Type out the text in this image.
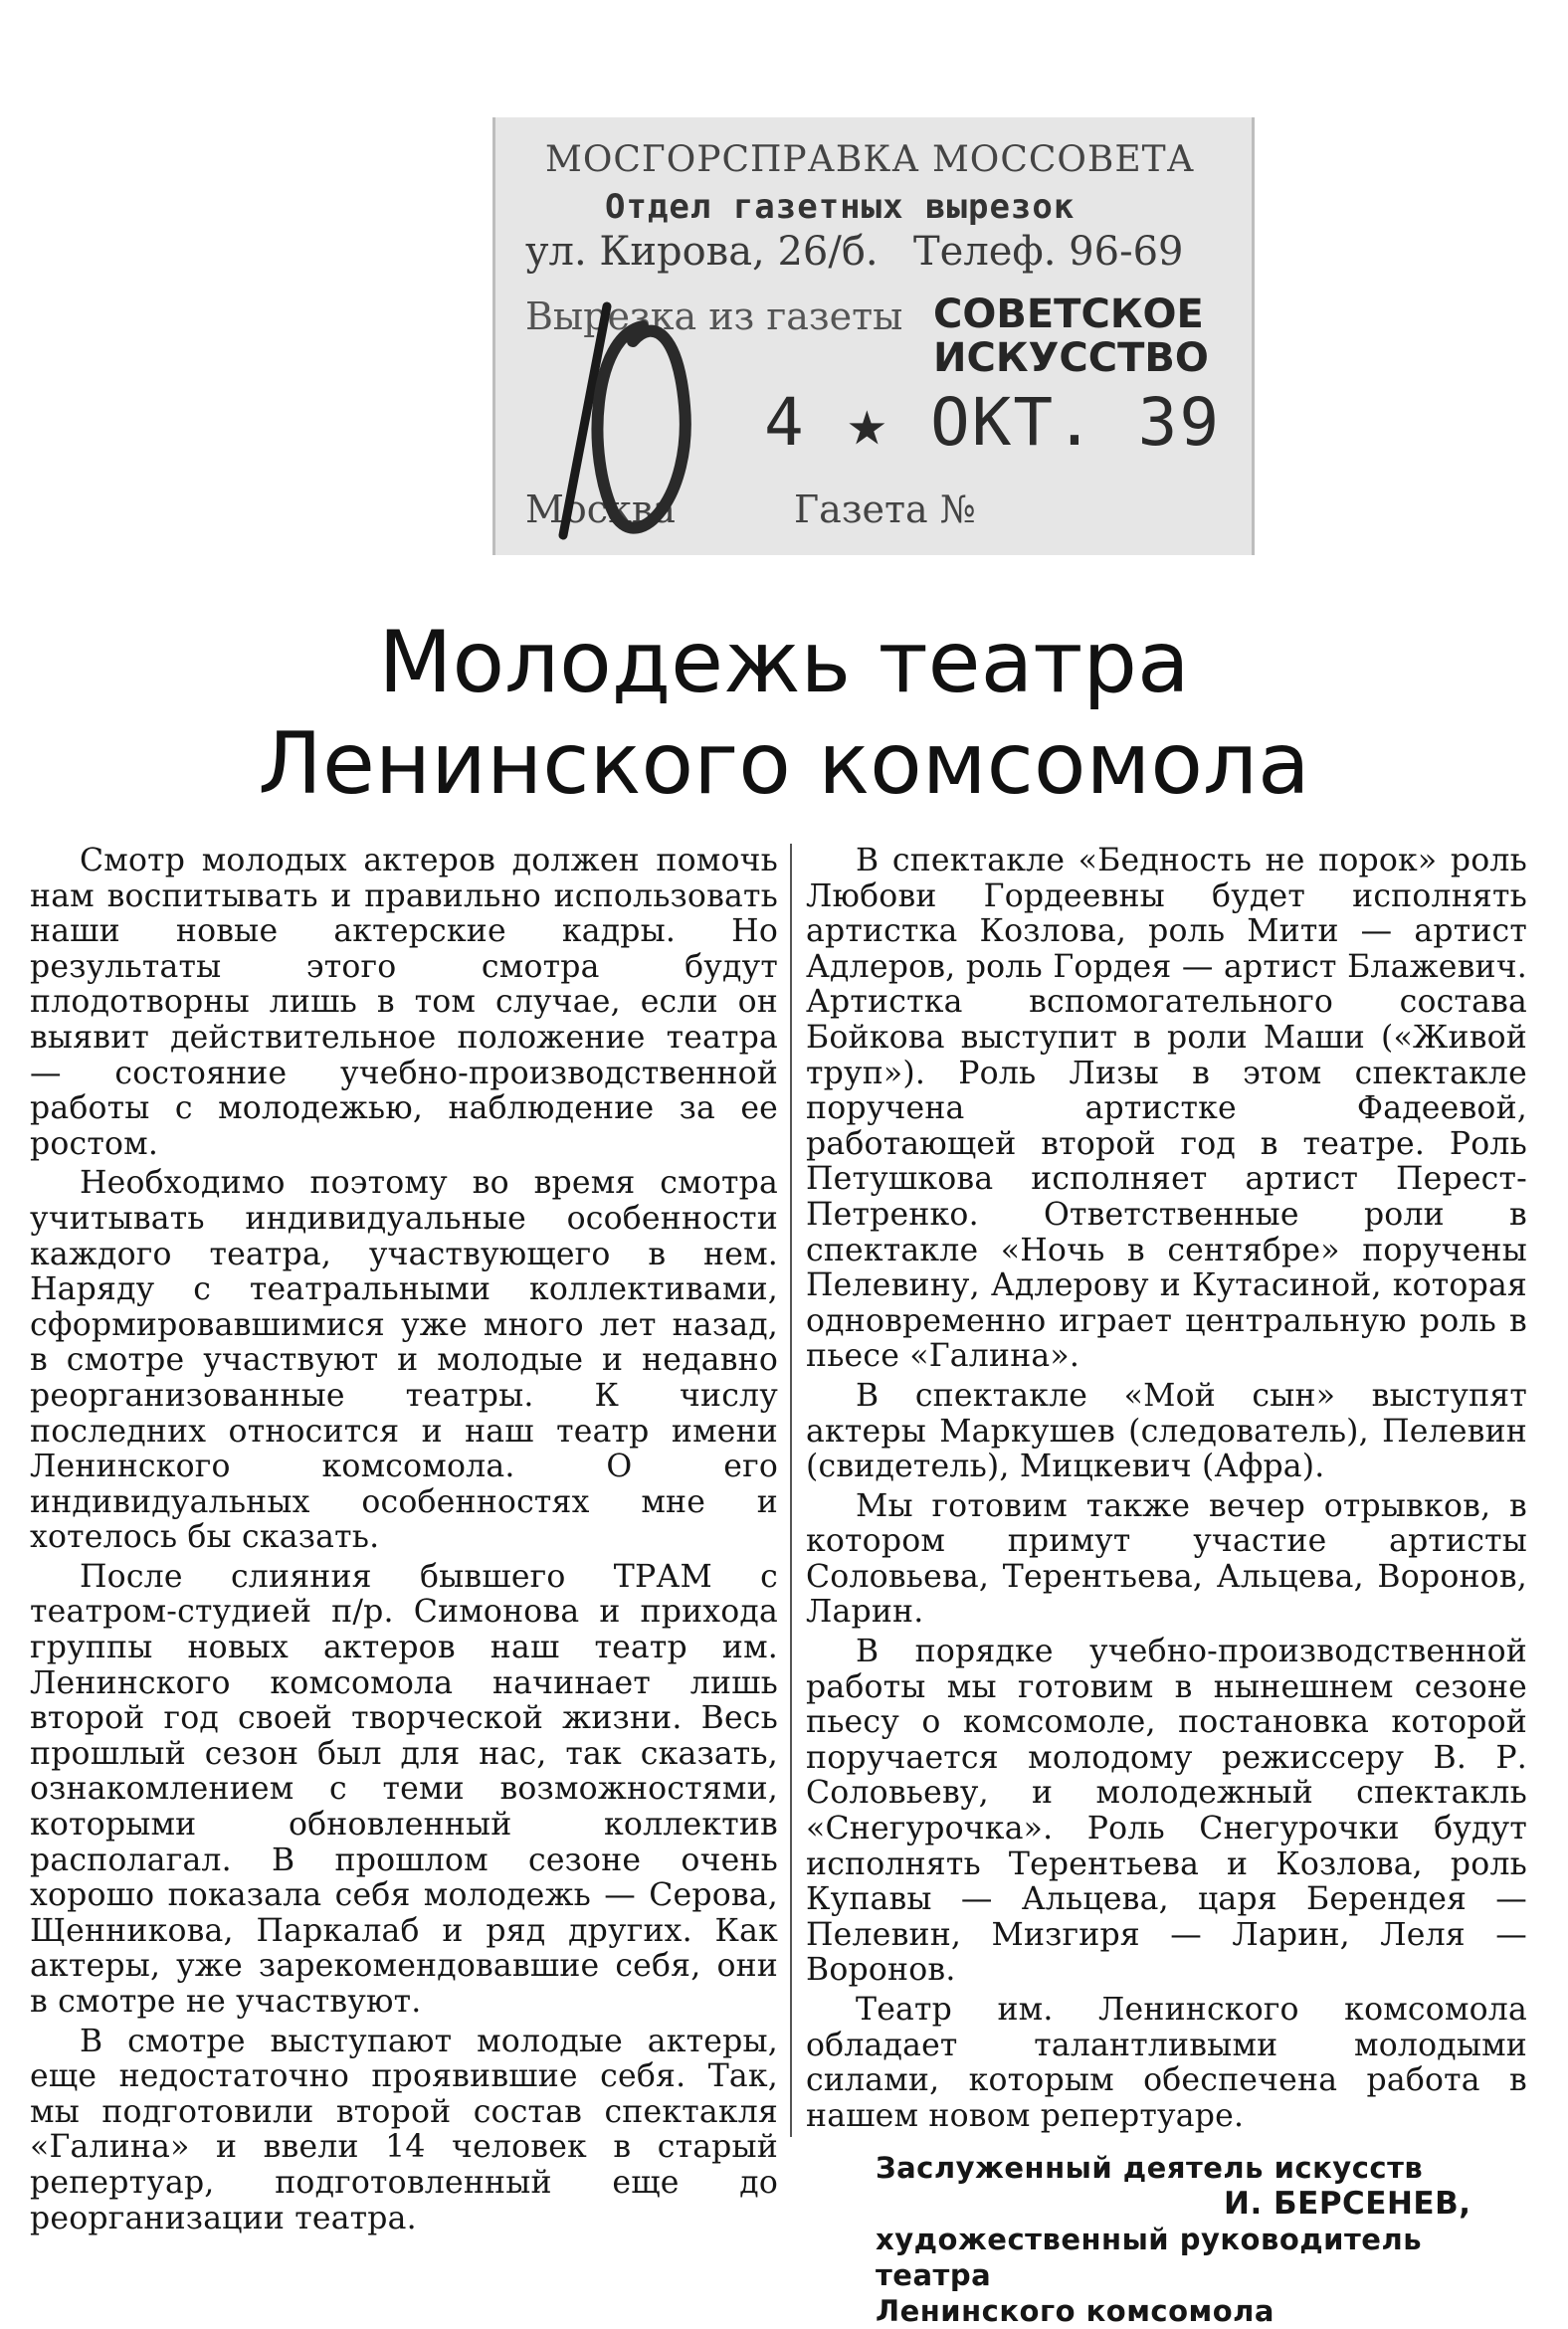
МОСГОРСПРАВКА МОССОВЕТА
Отдел газетных вырезок
ул. Кирова, 26/б. Телеф. 96-69
Вырезка из газеты СОВЕТСКОЕ
ИСКУССТВО
4 ★ ОКТ. 39
Москва	Газета №
Молодежь театра
Ленинского комсомола

Смотр молодых актеров должен помочь нам воспитывать и правильно использовать наши новые актерские кадры. Но результаты этого смотра будут плодотворны лишь в том случае, если он выявит действительное положение театра — состояние учебно-производственной работы с молодежью, наблюдение за ее ростом.

Необходимо поэтому во время смотра учитывать индивидуальные особенности каждого театра, участвующего в нем. Наряду с театральными коллективами, сформировавшимися уже много лет назад, в смотре участвуют и молодые и недавно реорганизованные театры. К числу последних относится и наш театр имени Ленинского комсомола. О его индивидуальных особенностях мне и хотелось бы сказать.

После слияния бывшего ТРАМ с театром-студией п/р. Симонова и прихода группы новых актеров наш театр им. Ленинского комсомола начинает лишь второй год своей творческой жизни. Весь прошлый сезон был для нас, так сказать, ознакомлением с теми возможностями, которыми обновленный коллектив располагал. В прошлом сезоне очень хорошо показала себя молодежь — Серова, Щенникова, Паркалаб и ряд других. Как актеры, уже зарекомендовавшие себя, они в смотре не участвуют.

В смотре выступают молодые актеры, еще недостаточно проявившие себя. Так, мы подготовили второй состав спектакля «Галина» и ввели 14 человек в старый репертуар, подготовленный еще до реорганизации театра.

В спектакле «Бедность не порок» роль Любови Гордеевны будет исполнять артистка Козлова, роль Мити — артист Адлеров, роль Гордея — артист Блажевич. Артистка вспомогательного состава Бойкова выступит в роли Маши («Живой труп»). Роль Лизы в этом спектакле поручена артистке Фадеевой, работающей второй год в театре. Роль Петушкова исполняет артист Перест-Петренко. Ответственные роли в спектакле «Ночь в сентябре» поручены Пелевину, Адлерову и Кутасиной, которая одновременно играет центральную роль в пьесе «Галина».

В спектакле «Мой сын» выступят актеры Маркушев (следователь), Пелевин (свидетель), Мицкевич (Афра).

Мы готовим также вечер отрывков, в котором примут участие артисты Соловьева, Терентьева, Альцева, Воронов, Ларин.

В порядке учебно-производственной работы мы готовим в нынешнем сезоне пьесу о комсомоле, постановка которой поручается молодому режиссеру В. Р. Соловьеву, и молодежный спектакль «Снегурочка». Роль Снегурочки будут исполнять Терентьева и Козлова, роль Купавы — Альцева, царя Берендея — Пелевин, Мизгиря — Ларин, Леля — Воронов.

Театр им. Ленинского комсомола обладает талантливыми молодыми силами, которым обеспечена работа в нашем новом репертуаре.

Заслуженный деятель искусств
И. БЕРСЕНЕВ,
художественный руководитель театра
Ленинского комсомола
